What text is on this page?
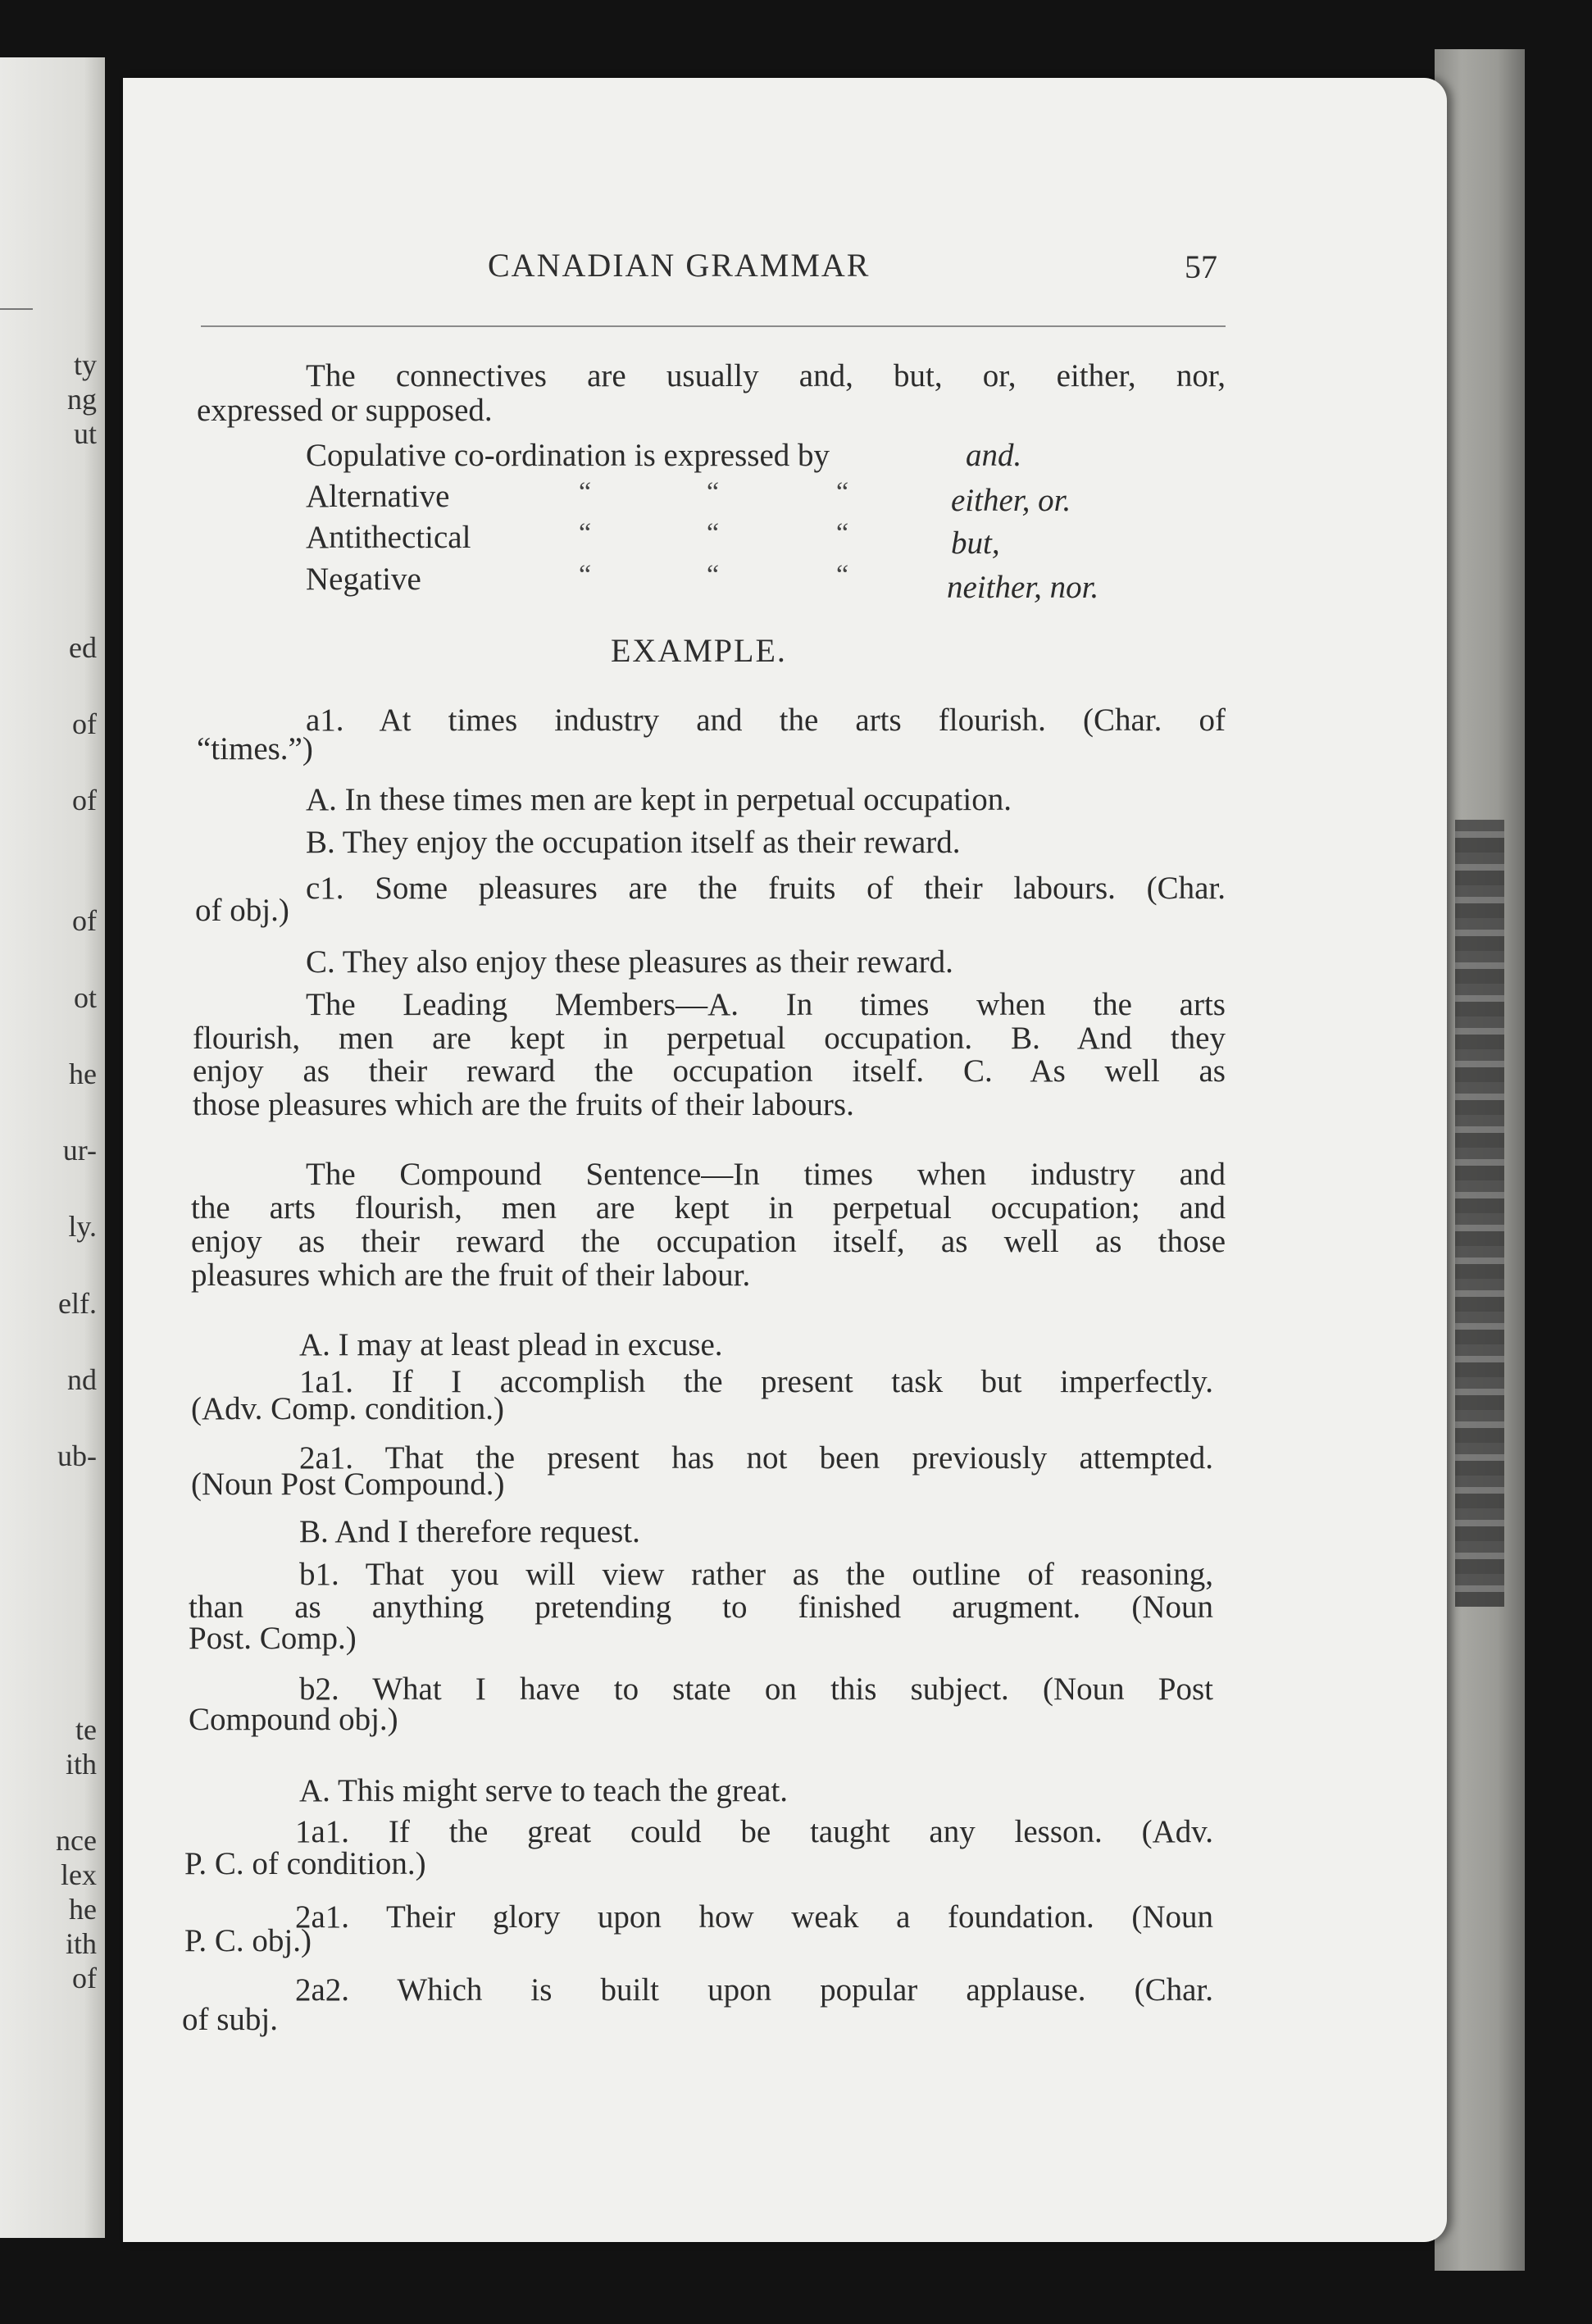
ty
ng
ut
ed
of
of
of
ot
he
ur-
ly.
elf.
nd
ub-
te
ith
nce
lex
he
ith
of
CANADIAN GRAMMAR	57
The connectives are usually and, but, or, either, nor,
expressed or supposed.
Copulative co-ordination is expressed by	and.
Alternative	“	“	“	either, or.
Antithectical	“	“	“	but,
Negative	“	“	“	neither, nor.
EXAMPLE.
a1. At times industry and the arts flourish. (Char. of
“times.”)
A. In these times men are kept in perpetual occupation.
B. They enjoy the occupation itself as their reward.
c1. Some pleasures are the fruits of their labours. (Char.
of obj.)
C. They also enjoy these pleasures as their reward.
The Leading Members—A. In times when the arts
flourish, men are kept in perpetual occupation. B. And they
enjoy as their reward the occupation itself. C. As well as
those pleasures which are the fruits of their labours.
The Compound Sentence—In times when industry and
the arts flourish, men are kept in perpetual occupation; and
enjoy as their reward the occupation itself, as well as those
pleasures which are the fruit of their labour.
A. I may at least plead in excuse.
1a1. If I accomplish the present task but imperfectly.
(Adv. Comp. condition.)
2a1. That the present has not been previously attempted.
(Noun Post Compound.)
B. And I therefore request.
b1. That you will view rather as the outline of reasoning,
than as anything pretending to finished arugment. (Noun
Post. Comp.)
b2. What I have to state on this subject. (Noun Post
Compound obj.)
A. This might serve to teach the great.
1a1. If the great could be taught any lesson. (Adv.
P. C. of condition.)
2a1. Their glory upon how weak a foundation. (Noun
P. C. obj.)
2a2. Which is built upon popular applause. (Char.
of subj.
